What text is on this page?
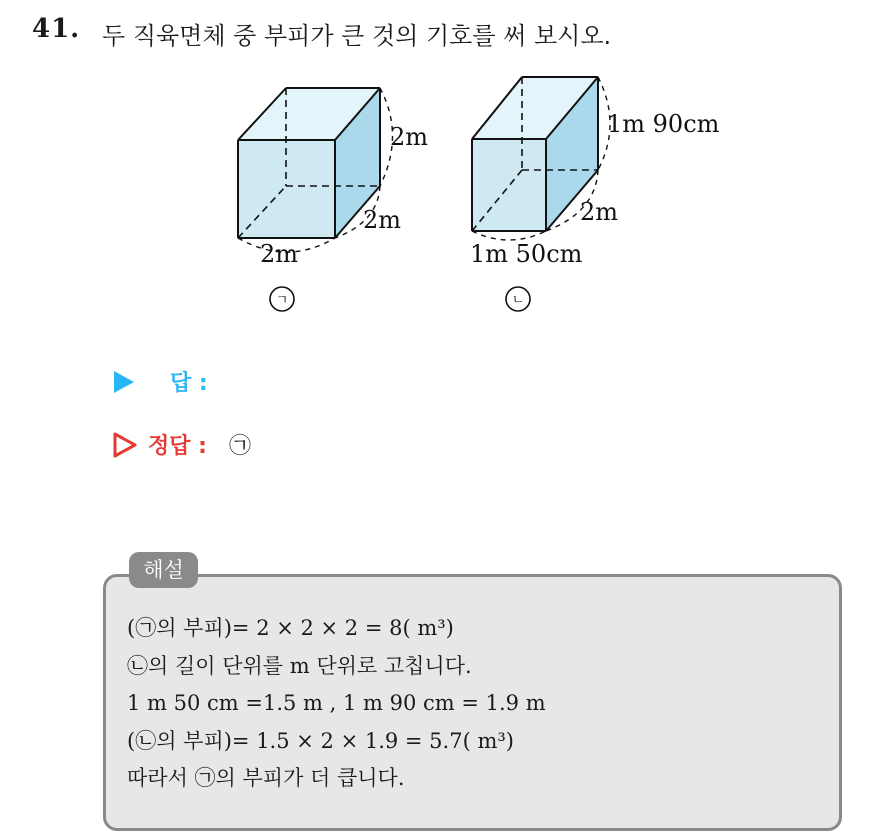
41. 두 직육면체 중 부피가 큰 것의 기호를 써 보시오.
2m
2m
2m
ㄱ
1m 90cm
2m
1m 50cm
ㄴ
답 :
정답 : ㉠
해설
(㉠의 부피)= 2 × 2 × 2 = 8( m³)
㉡의 길이 단위를 m 단위로 고칩니다.
1 m 50 cm =1.5 m , 1 m 90 cm = 1.9 m
(㉡의 부피)= 1.5 × 2 × 1.9 = 5.7( m³)
따라서 ㉠의 부피가 더 큽니다.
